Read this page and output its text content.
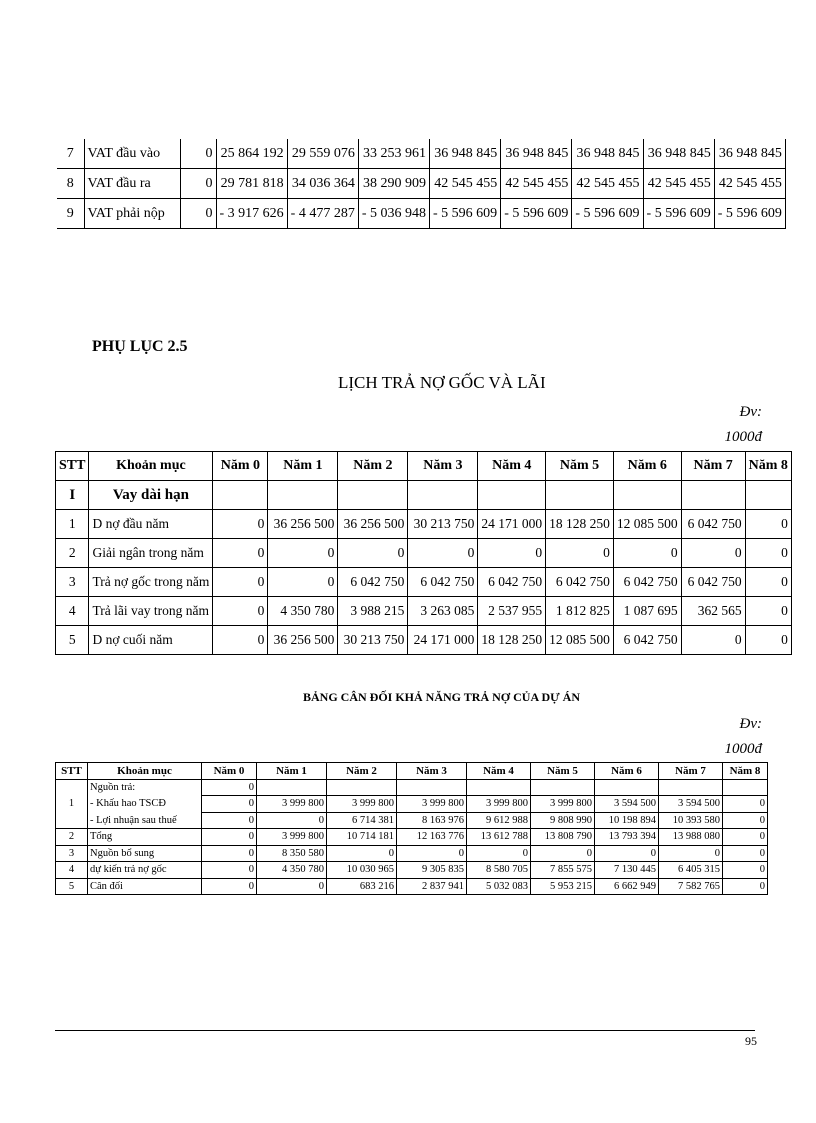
7	VAT đầu vào	0	25 864 192	29 559 076	33 253 961	36 948 845	36 948 845	36 948 845	36 948 845	36 948 845
8	VAT đầu ra	0	29 781 818	34 036 364	38 290 909	42 545 455	42 545 455	42 545 455	42 545 455	42 545 455
9	VAT phải nộp	0	- 3 917 626	- 4 477 287	- 5 036 948	- 5 596 609	- 5 596 609	- 5 596 609	- 5 596 609	- 5 596 609
PHỤ LỤC 2.5
LỊCH TRẢ NỢ GỐC VÀ LÃI
Đv:
1000đ
STT	Khoản mục	Năm 0	Năm 1	Năm 2	Năm 3	Năm 4	Năm 5	Năm 6	Năm 7	Năm 8
I	Vay dài hạn									
1	D nợ đầu năm	0	36 256 500	36 256 500	30 213 750	24 171 000	18 128 250	12 085 500	6 042 750	0
2	Giải ngân trong năm	0	0	0	0	0	0	0	0	0
3	Trả nợ gốc trong năm	0	0	6 042 750	6 042 750	6 042 750	6 042 750	6 042 750	6 042 750	0
4	Trả lãi vay trong năm	0	4 350 780	3 988 215	3 263 085	2 537 955	1 812 825	1 087 695	362 565	0
5	D nợ cuối năm	0	36 256 500	30 213 750	24 171 000	18 128 250	12 085 500	6 042 750	0	0
BẢNG CÂN ĐỐI KHẢ NĂNG TRẢ NỢ CỦA DỰ ÁN
Đv:
1000đ
STT	Khoản mục	Năm 0	Năm 1	Năm 2	Năm 3	Năm 4	Năm 5	Năm 6	Năm 7	Năm 8
1	Nguồn trả:	0								
	- Khấu hao TSCĐ	0	3 999 800	3 999 800	3 999 800	3 999 800	3 999 800	3 594 500	3 594 500	0
	- Lợi nhuận sau thuế	0	0	6 714 381	8 163 976	9 612 988	9 808 990	10 198 894	10 393 580	0
2	Tổng	0	3 999 800	10 714 181	12 163 776	13 612 788	13 808 790	13 793 394	13 988 080	0
3	Nguồn bổ sung	0	8 350 580	0	0	0	0	0	0	0
4	dự kiến trả nợ gốc	0	4 350 780	10 030 965	9 305 835	8 580 705	7 855 575	7 130 445	6 405 315	0
5	Cân đối	0	0	683 216	2 837 941	5 032 083	5 953 215	6 662 949	7 582 765	0
95
